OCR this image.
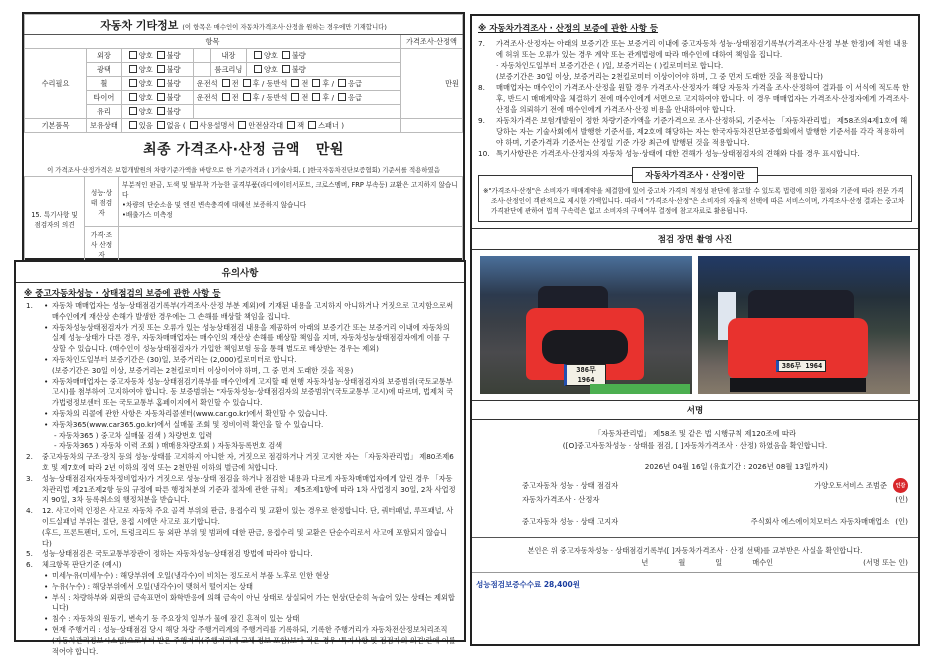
자동차 기타정보 (이 항목은 매수인이 자동차가격조사·산정을 원하는 경우에만 기재합니다)						
항목						가격조사·산정액
수리필요	외장	양호 불량		내장	양호 불량	만원
	광택	양호 불량		룸크리닝	양호 불량	
	휠	양호 불량	운전석 전 후 / 동반석 전 후 / 응급			
	타이어	양호 불량	운전석 전 후 / 동반석 전 후 / 응급			
	유리	양호 불량				
기본품목	보유상태	있음 없음 ( 사용설명서 안전삼각대 잭 스패너 )				
최종 가격조사·산정 금액 만원
이 가격조사·산정가격은 보험개발원의 차량기준가액을 바탕으로 한 기준가격과 ( ]기술사회, [ ]한국자동차진단보증협회) 기준서를 적용하였음
15. 특기사항 및 점검자의 의견	성능·상태 점검자	부분적인 판금, 도색 및 탈부착 가능한 골격부품(라디에이터서포트, 크로스멤버, FRP 부속등) 교환은 고지하지 않습니다
•차량의 단순소음 및 엔진 변속충격에 대해선 보증하지 않습니다
•배출가스 미측정

	가격·조사 산정자	
유의사항
※ 중고자동차성능 · 상태점검의 보증에 관한 사항 등
1.	• 자동차 매매업자는 성능·상태점검기록부(가격조사·산정 부분 제외)에 기재된 내용을 고지하지 아니하거나 거짓으로 고지함으로써 매수인에게 재산상 손해가 발생한 경우에는 그 손해를 배상할 책임을 집니다.
• 자동차성능상태점검자가 거짓 또는 오류가 있는 성능상태점검 내용을 제공하여 아래의 보증기간 또는 보증거리 이내에 자동차의 실제 성능·상태가 다른 경우, 자동차매매업자는 매수인의 재산상 손해를 배상할 책임을 지며, 자동차성능상태점검자에게 이를 구상할 수 있습니다. (매수인이 성능상태점검자가 가입한 책임보험 등을 통해 별도로 배상받는 경우는 제외)
• 자동차인도일부터 보증기간은 (30)일, 보증거리는 (2,000)킬로미터로 합니다.
(보증기간은 30일 이상, 보증거리는 2천킬로미터 이상이어야 하며, 그 중 먼저 도래한 것을 적용)
• 자동차매매업자는 중고자동차 성능·상태점검기록부를 매수인에게 고지할 때 현행 자동차성능·상태점검자의 보증범위(국토교통부 고시)를 첨부하여 고지하여야 합니다. 동 보증범위는 "자동차성능·상태점검자의 보증범위"(국토교통부 고시)에 따르며, 법제처 국가법령정보센터 또는 국토교통부 홈페이지에서 확인할 수 있습니다.
• 자동차의 리콜에 관한 사항은 자동차리콜센터(www.car.go.kr)에서 확인할 수 있습니다.
• 자동차365(www.car365.go.kr)에서 실매물 조회 및 정비이력 확인을 할 수 있습니다.
- 자동차365 ) 중고차 실매물 검색 ) 차량번호 입력
- 자동차365 ) 자동차 이력 조회 ) 매매용차량조회 ) 자동차등록번호 검색
2.	중고자동차의 구조·장치 등의 성능·상태를 고지하지 아니한 자, 거짓으로 점검하거나 거짓 고지한 자는 「자동차관리법」 제80조제6호 및 제7호에 따라 2년 이하의 징역 또는 2천만원 이하의 벌금에 처합니다.
3.	성능·상태점검자(자동차정비업자)가 거짓으로 성능·상태 점검을 하거나 점검한 내용과 다르게 자동차매매업자에게 알린 경우 「자동차관리법 제21조제2항 등의 규정에 따른 행정처분의 기준과 절차에 관한 규칙」 제5조제1항에 따라 1차 사업정지 30일, 2차 사업정지 90일, 3차 등록취소의 행정처분을 받습니다.
4.	12. 사고이력 인정은 사고로 자동차 주요 골격 부위의 판금, 용접수리 및 교환이 있는 경우로 한정합니다. 단, 쿼터패널, 루프패널, 사이드실패널 부위는 절단, 용접 시에만 사고로 표기합니다.
(후드, 프론트펜더, 도어, 트렁크리드 등 외판 부위 및 범퍼에 대한 판금, 용접수리 및 교환은 단순수리로서 사고에 포함되지 않습니다)
5.	성능·상태점검은 국토교통부장관이 정하는 자동차성능·상태점검 방법에 따라야 합니다.
6.	체크항목 판단기준 (예시)
• 미세누유(미세누수) : 해당부위에 오일(냉각수)이 비치는 정도로서 부품 노후로 인한 현상
• 누유(누수) : 해당부위에서 오일(냉각수)이 맺혀서 떨어지는 상태
• 부식 : 차량하부와 외판의 금속표면이 화학반응에 의해 금속이 아닌 상태로 상실되어 가는 현상(단순히 녹슬어 있는 상태는 제외합니다)
• 침수 : 자동차의 원동기, 변속기 등 주요장치 일부가 물에 잠긴 흔적이 있는 상태
• 현재 주행거리 : 성능·상태점검 당시 해당 차량 주행거리계의 주행거리를 기록하되, 기록한 주행거리가 자동차전산정보처리조직(자동차관리정보시스템)으로부터 받은 주행거리(주행거리계 교체 정보 포함)보다 적은 경우 '특기사항 및 점검자의 의견'란에 이를 적어야 합니다.
※ 자동차가격조사 · 산정의 보증에 관한 사항 등
7.	가격조사·산정자는 아래의 보증기간 또는 보증거리 이내에 중고자동차 성능·상태점검기록부(가격조사·산정 부분 한정)에 적힌 내용에 허위 또는 오류가 있는 경우 계약 또는 관계법령에 따라 매수인에 대하여 책임을 집니다.
· 자동차인도일부터 보증기간은 ( )일, 보증거리는 ( )킬로미터로 합니다.
(보증기간은 30일 이상, 보증거리는 2천킬로미터 이상이어야 하며, 그 중 먼저 도래한 것을 적용합니다)
8.	매매업자는 매수인이 가격조사·산정을 원할 경우 가격조사·산정자가 해당 자동차 가격을 조사·산정하여 결과를 이 서식에 적도록 한 후, 반드시 매매계약을 체결하기 전에 매수인에게 서면으로 고지하여야 합니다. 이 경우 매매업자는 가격조사·산정자에게 가격조사·산정을 의뢰하기 전에 매수인에게 가격조사·산정 비용을 안내하여야 합니다.
9.	자동차가격은 보험개발원이 정한 차량기준가액을 기준가격으로 조사·산정하되, 기준서는 「자동차관리법」 제58조의4제1호에 해당하는 자는 기술사회에서 발행한 기준서를, 제2호에 해당하는 자는 한국자동차진단보증협회에서 발행한 기준서를 각각 적용하여야 하며, 기준가격과 기준서는 산정일 기준 가장 최근에 발행된 것을 적용합니다.
10. 특기사항란은 가격조사·산정자의 자동차 성능·상태에 대한 견해가 성능·상태점검자의 견해와 다를 경우 표시합니다.
자동차가격조사 · 산정이란
※"가격조사·산정"은 소비자가 매매계약을 체결함에 있어 중고차 가격의 적정성 판단에 참고할 수 있도록 법령에 의한 절차와 기준에 따라 전문 가격조사·산정인이 객관적으로 제시한 가액입니다. 따라서 "가격조사·산정"은 소비자의 자율적 선택에 따른 서비스이며, 가격조사·산정 결과는 중고차 가격판단에 관하여 법적 구속력은 없고 소비자의 구매여부 결정에 참고자료로 활용됩니다.
점검 장면 촬영 사진
386무 1964
386무 1964
서명
「자동차관리법」 제58조 및 같은 법 시행규칙 제120조에 따라
([O]중고자동차성능 · 상태를 점검, [ ]자동차가격조사 · 산정) 하였음을 확인합니다.
2026년 04월 16일 (유효기간 : 2026년 08월 13일까지)
중고자동차 성능 · 상태 점검자	가양오토서비스 조범준	인감
자동차가격조사 · 산정자	(인)
중고자동차 성능 · 상태 고지자	주식회사 에스에이치모터스 자동차매매업소 (인)
본인은 위 중고자동차성능 · 상태점검기록부([ ]자동차가격조사 · 산정 선택)를 교부받은 사실을 확인합니다.
년	월	일	매수인	(서명 또는 인)
성능점검보증수수료 28,400원
